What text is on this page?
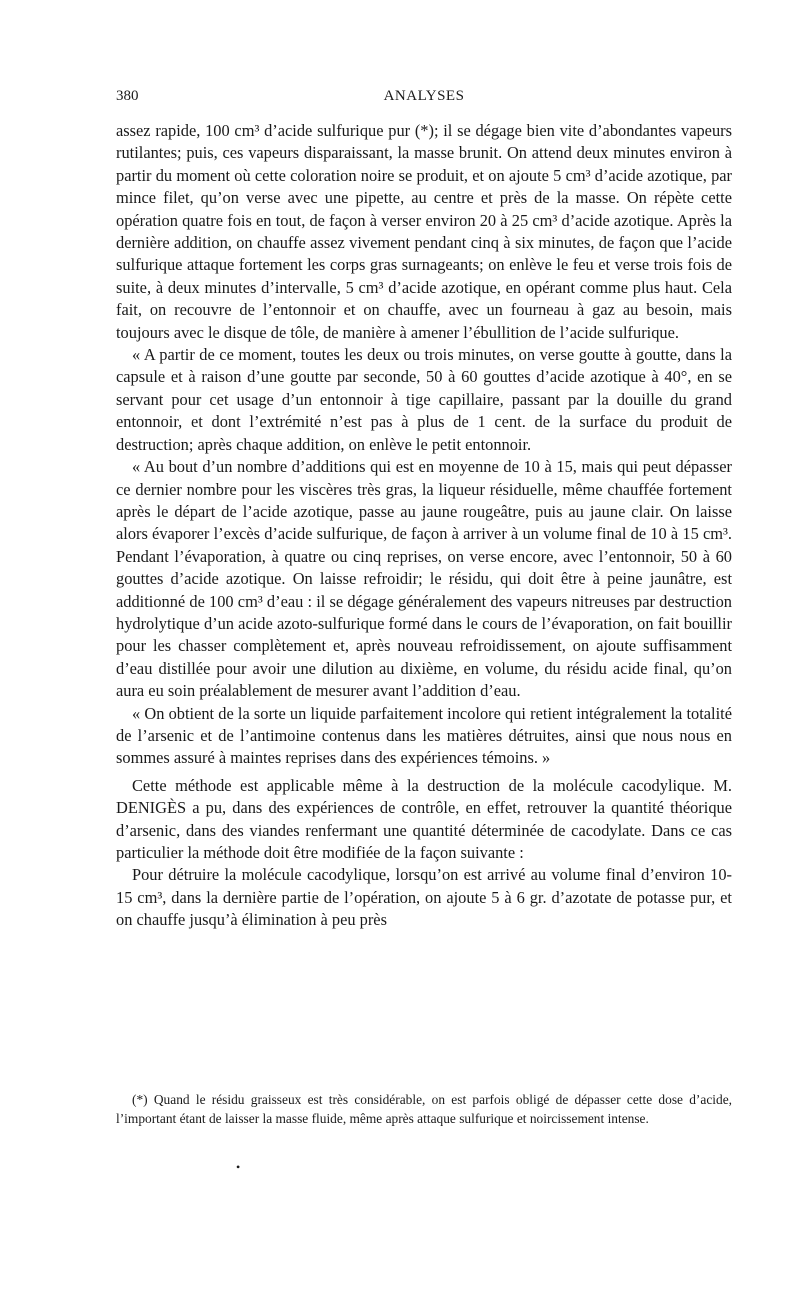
380	ANALYSES

assez rapide, 100 cm³ d’acide sulfurique pur (*); il se dégage bien vite d’abondantes vapeurs rutilantes; puis, ces vapeurs disparaissant, la masse brunit. On attend deux minutes environ à partir du moment où cette coloration noire se produit, et on ajoute 5 cm³ d’acide azotique, par mince filet, qu’on verse avec une pipette, au centre et près de la masse. On répète cette opération quatre fois en tout, de façon à verser environ 20 à 25 cm³ d’acide azotique. Après la dernière addition, on chauffe assez vivement pendant cinq à six minutes, de façon que l’acide sulfurique attaque fortement les corps gras surnageants; on enlève le feu et verse trois fois de suite, à deux minutes d’intervalle, 5 cm³ d’acide azotique, en opérant comme plus haut. Cela fait, on recouvre de l’entonnoir et on chauffe, avec un fourneau à gaz au besoin, mais toujours avec le disque de tôle, de manière à amener l’ébullition de l’acide sulfurique.

« A partir de ce moment, toutes les deux ou trois minutes, on verse goutte à goutte, dans la capsule et à raison d’une goutte par seconde, 50 à 60 gouttes d’acide azotique à 40°, en se servant pour cet usage d’un entonnoir à tige capillaire, passant par la douille du grand entonnoir, et dont l’extrémité n’est pas à plus de 1 cent. de la surface du produit de destruction; après chaque addition, on enlève le petit entonnoir.

« Au bout d’un nombre d’additions qui est en moyenne de 10 à 15, mais qui peut dépasser ce dernier nombre pour les viscères très gras, la liqueur résiduelle, même chauffée fortement après le départ de l’acide azotique, passe au jaune rougeâtre, puis au jaune clair. On laisse alors évaporer l’excès d’acide sulfurique, de façon à arriver à un volume final de 10 à 15 cm³. Pendant l’évaporation, à quatre ou cinq reprises, on verse encore, avec l’entonnoir, 50 à 60 gouttes d’acide azotique. On laisse refroidir; le résidu, qui doit être à peine jaunâtre, est additionné de 100 cm³ d’eau : il se dégage généralement des vapeurs nitreuses par destruction hydrolytique d’un acide azoto-sulfurique formé dans le cours de l’évaporation, on fait bouillir pour les chasser complètement et, après nouveau refroidissement, on ajoute suffisamment d’eau distillée pour avoir une dilution au dixième, en volume, du résidu acide final, qu’on aura eu soin préalablement de mesurer avant l’addition d’eau.

« On obtient de la sorte un liquide parfaitement incolore qui retient intégralement la totalité de l’arsenic et de l’antimoine contenus dans les matières détruites, ainsi que nous nous en sommes assuré à maintes reprises dans des expériences témoins. »

Cette méthode est applicable même à la destruction de la molécule cacodylique. M. DENIGÈS a pu, dans des expériences de contrôle, en effet, retrouver la quantité théorique d’arsenic, dans des viandes renfermant une quantité déterminée de cacodylate. Dans ce cas particulier la méthode doit être modifiée de la façon suivante :

Pour détruire la molécule cacodylique, lorsqu’on est arrivé au volume final d’environ 10-15 cm³, dans la dernière partie de l’opération, on ajoute 5 à 6 gr. d’azotate de potasse pur, et on chauffe jusqu’à élimination à peu près

(*) Quand le résidu graisseux est très considérable, on est parfois obligé de dépasser cette dose d’acide, l’important étant de laisser la masse fluide, même après attaque sulfurique et noircissement intense.

•
